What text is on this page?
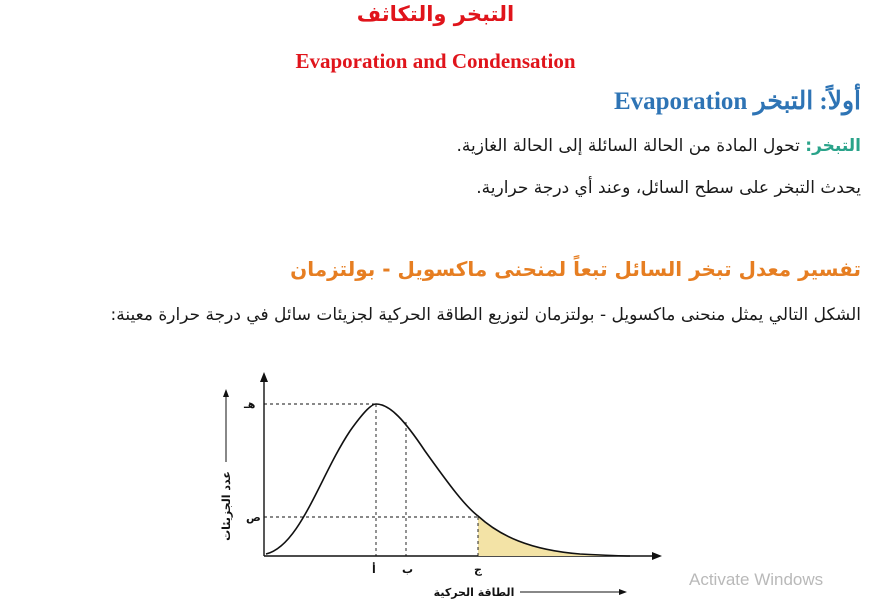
التبخر والتكاثف
Evaporation and Condensation
Evaporation أولاً: التبخر
التبخر: تحول المادة من الحالة السائلة إلى الحالة الغازية.
يحدث التبخر على سطح السائل، وعند أي درجة حرارية.
تفسير معدل تبخر السائل تبعاً لمنحنى ماكسويل - بولتزمان
الشكل التالي يمثل منحنى ماكسويل - بولتزمان لتوزيع الطاقة الحركية لجزيئات سائل في درجة حرارة معينة:
هـ
ص
أ ب	ج
الطاقة الحركية
عدد الجزيئات
Activate Windows
